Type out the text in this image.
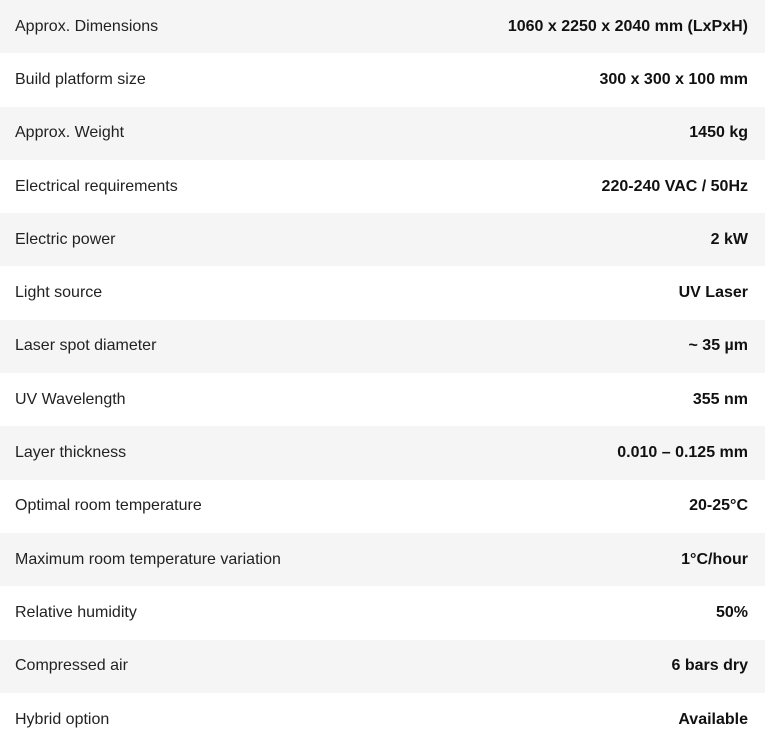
Approx. Dimensions	1060 x 2250 x 2040 mm (LxPxH)
Build platform size	300 x 300 x 100 mm
Approx. Weight	1450 kg
Electrical requirements	220-240 VAC / 50Hz
Electric power	2 kW
Light source	UV Laser
Laser spot diameter	~ 35 µm
UV Wavelength	355 nm
Layer thickness	0.010 – 0.125 mm
Optimal room temperature	20-25°C
Maximum room temperature variation	1°C/hour
Relative humidity	50%
Compressed air	6 bars dry
Hybrid option	Available
